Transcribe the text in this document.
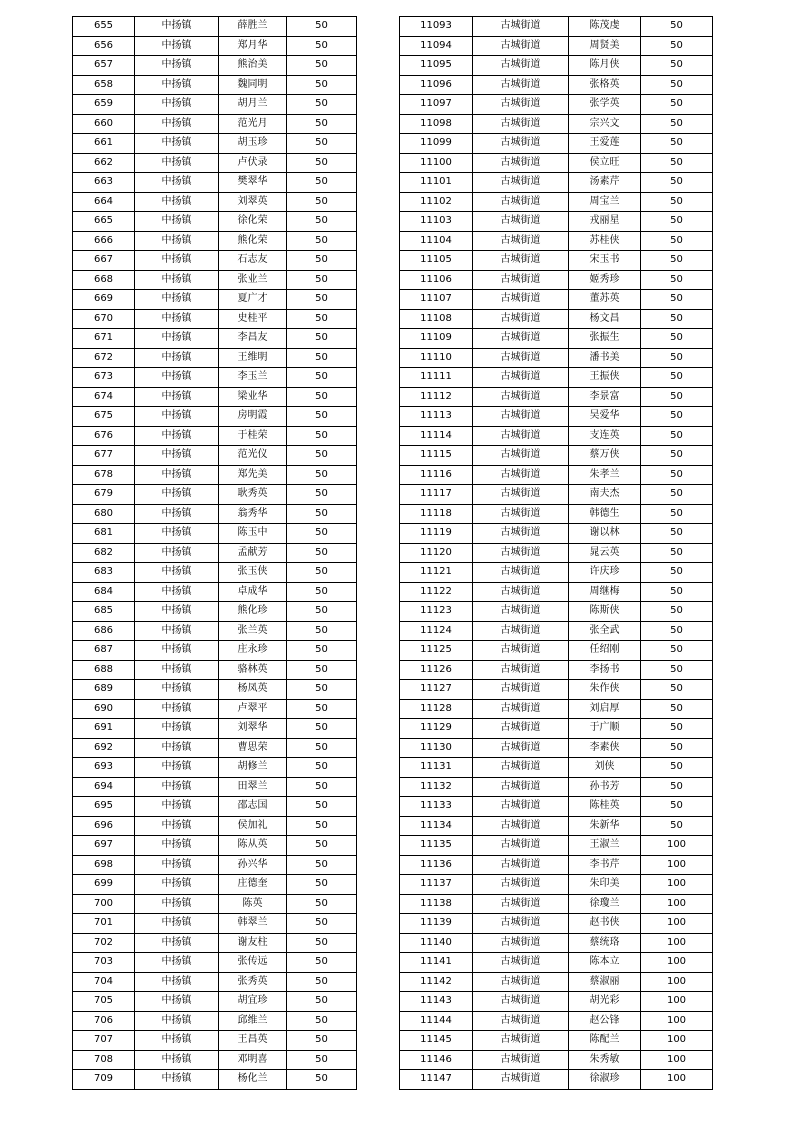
655	中扬镇	薛胜兰	50
656	中扬镇	郑月华	50
657	中扬镇	熊治美	50
658	中扬镇	魏同明	50
659	中扬镇	胡月兰	50
660	中扬镇	范光月	50
661	中扬镇	胡玉珍	50
662	中扬镇	卢伏录	50
663	中扬镇	樊翠华	50
664	中扬镇	刘翠英	50
665	中扬镇	徐化荣	50
666	中扬镇	熊化荣	50
667	中扬镇	石志友	50
668	中扬镇	张业兰	50
669	中扬镇	夏广才	50
670	中扬镇	史桂平	50
671	中扬镇	李昌友	50
672	中扬镇	王维明	50
673	中扬镇	李玉兰	50
674	中扬镇	梁业华	50
675	中扬镇	房明霞	50
676	中扬镇	于桂荣	50
677	中扬镇	范光仪	50
678	中扬镇	郑先美	50
679	中扬镇	耿秀英	50
680	中扬镇	翁秀华	50
681	中扬镇	陈玉中	50
682	中扬镇	孟献芳	50
683	中扬镇	张玉侠	50
684	中扬镇	卓成华	50
685	中扬镇	熊化珍	50
686	中扬镇	张兰英	50
687	中扬镇	庄永珍	50
688	中扬镇	骆林英	50
689	中扬镇	杨凤英	50
690	中扬镇	卢翠平	50
691	中扬镇	刘翠华	50
692	中扬镇	曹思荣	50
693	中扬镇	胡修兰	50
694	中扬镇	田翠兰	50
695	中扬镇	邵志国	50
696	中扬镇	侯加礼	50
697	中扬镇	陈从英	50
698	中扬镇	孙兴华	50
699	中扬镇	庄德奎	50
700	中扬镇	陈英	50
701	中扬镇	韩翠兰	50
702	中扬镇	谢友柱	50
703	中扬镇	张传远	50
704	中扬镇	张秀英	50
705	中扬镇	胡宜珍	50
706	中扬镇	邱维兰	50
707	中扬镇	王昌英	50
708	中扬镇	邓明喜	50
709	中扬镇	杨化兰	50
11093	古城街道	陈茂虔	50
11094	古城街道	周贤美	50
11095	古城街道	陈月侠	50
11096	古城街道	张格英	50
11097	古城街道	张学英	50
11098	古城街道	宗兴文	50
11099	古城街道	王爱莲	50
11100	古城街道	侯立旺	50
11101	古城街道	汤素芹	50
11102	古城街道	周宝兰	50
11103	古城街道	戎丽星	50
11104	古城街道	苏桂侠	50
11105	古城街道	宋玉书	50
11106	古城街道	姬秀珍	50
11107	古城街道	董苏英	50
11108	古城街道	杨文昌	50
11109	古城街道	张振生	50
11110	古城街道	潘书美	50
11111	古城街道	王振侠	50
11112	古城街道	李景富	50
11113	古城街道	吴爱华	50
11114	古城街道	支连英	50
11115	古城街道	蔡万侠	50
11116	古城街道	朱孝兰	50
11117	古城街道	南夫杰	50
11118	古城街道	韩德生	50
11119	古城街道	谢以林	50
11120	古城街道	晁云英	50
11121	古城街道	许庆珍	50
11122	古城街道	周继梅	50
11123	古城街道	陈斯侠	50
11124	古城街道	张全武	50
11125	古城街道	任绍刚	50
11126	古城街道	李扬书	50
11127	古城街道	朱作侠	50
11128	古城街道	刘启厚	50
11129	古城街道	于广顺	50
11130	古城街道	李素侠	50
11131	古城街道	刘侠	50
11132	古城街道	孙书芳	50
11133	古城街道	陈桂英	50
11134	古城街道	朱新华	50
11135	古城街道	王淑兰	100
11136	古城街道	李书芹	100
11137	古城街道	朱印美	100
11138	古城街道	徐瓊兰	100
11139	古城街道	赵书侠	100
11140	古城街道	蔡统珞	100
11141	古城街道	陈本立	100
11142	古城街道	蔡淑丽	100
11143	古城街道	胡光彩	100
11144	古城街道	赵公锋	100
11145	古城街道	陈配兰	100
11146	古城街道	朱秀敏	100
11147	古城街道	徐淑珍	100
